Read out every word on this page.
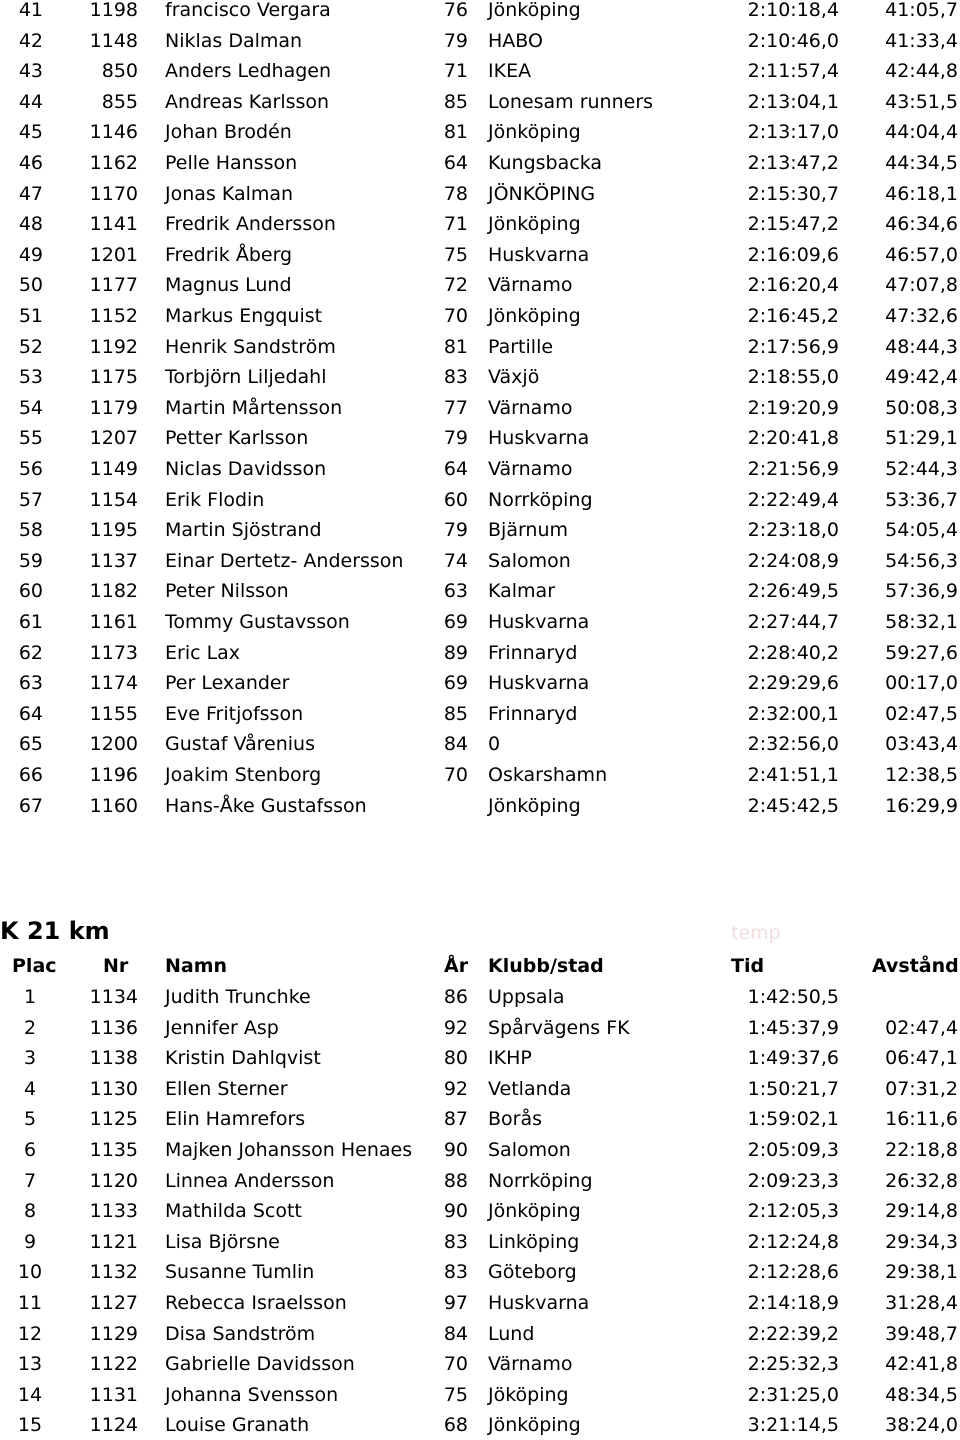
41 1198 francisco Vergara	76 Jönköping	2:10:18,4 41:05,7
42 1148 Niklas Dalman	79 HABO	2:10:46,0 41:33,4
43	850 Anders Ledhagen	71 IKEA	2:11:57,4 42:44,8
44	855 Andreas Karlsson	85 Lonesam runners	2:13:04,1 43:51,5
45 1146 Johan Brodén	81 Jönköping	2:13:17,0 44:04,4
46 1162 Pelle Hansson	64 Kungsbacka	2:13:47,2 44:34,5
47 1170 Jonas Kalman	78 JÖNKÖPING	2:15:30,7 46:18,1
48 1141 Fredrik Andersson	71 Jönköping	2:15:47,2 46:34,6
49 1201 Fredrik Åberg	75 Huskvarna	2:16:09,6 46:57,0
50 1177 Magnus Lund	72 Värnamo	2:16:20,4 47:07,8
51 1152 Markus Engquist	70 Jönköping	2:16:45,2 47:32,6
52 1192 Henrik Sandström	81 Partille	2:17:56,9 48:44,3
53 1175 Torbjörn Liljedahl	83 Växjö	2:18:55,0 49:42,4
54 1179 Martin Mårtensson	77 Värnamo	2:19:20,9 50:08,3
55 1207 Petter Karlsson	79 Huskvarna	2:20:41,8 51:29,1
56 1149 Niclas Davidsson	64 Värnamo	2:21:56,9 52:44,3
57 1154 Erik Flodin	60 Norrköping	2:22:49,4 53:36,7
58 1195 Martin Sjöstrand	79 Bjärnum	2:23:18,0 54:05,4
59 1137 Einar Dertetz- Andersson 74 Salomon	2:24:08,9 54:56,3
60 1182 Peter Nilsson	63 Kalmar	2:26:49,5 57:36,9
61 1161 Tommy Gustavsson	69 Huskvarna	2:27:44,7 58:32,1
62 1173 Eric Lax	89 Frinnaryd	2:28:40,2 59:27,6
63 1174 Per Lexander	69 Huskvarna	2:29:29,6 00:17,0
64 1155 Eve Fritjofsson	85 Frinnaryd	2:32:00,1 02:47,5
65 1200 Gustaf Vårenius	84 0	2:32:56,0 03:43,4
66 1196 Joakim Stenborg	70 Oskarshamn	2:41:51,1 12:38,5
67 1160 Hans-Åke Gustafsson	Jönköping	2:45:42,5 16:29,9
K 21 km	temp
Plac Nr Namn	År Klubb/stad	Tid	Avstånd
1	1134 Judith Trunchke	86 Uppsala	1:42:50,5
2	1136 Jennifer Asp	92 Spårvägens FK	1:45:37,9 02:47,4
3	1138 Kristin Dahlqvist	80 IKHP	1:49:37,6 06:47,1
4	1130 Ellen Sterner	92 Vetlanda	1:50:21,7 07:31,2
5	1125 Elin Hamrefors	87 Borås	1:59:02,1 16:11,6
6	1135 Majken Johansson Henaes 90 Salomon	2:05:09,3 22:18,8
7	1120 Linnea Andersson	88 Norrköping	2:09:23,3 26:32,8
8	1133 Mathilda Scott	90 Jönköping	2:12:05,3 29:14,8
9	1121 Lisa Björsne	83 Linköping	2:12:24,8 29:34,3
10	1132 Susanne Tumlin	83 Göteborg	2:12:28,6 29:38,1
11	1127 Rebecca Israelsson	97 Huskvarna	2:14:18,9 31:28,4
12	1129 Disa Sandström	84 Lund	2:22:39,2 39:48,7
13	1122 Gabrielle Davidsson	70 Värnamo	2:25:32,3 42:41,8
14	1131 Johanna Svensson	75 Jököping	2:31:25,0 48:34,5
15	1124 Louise Granath	68 Jönköping	3:21:14,5 38:24,0
